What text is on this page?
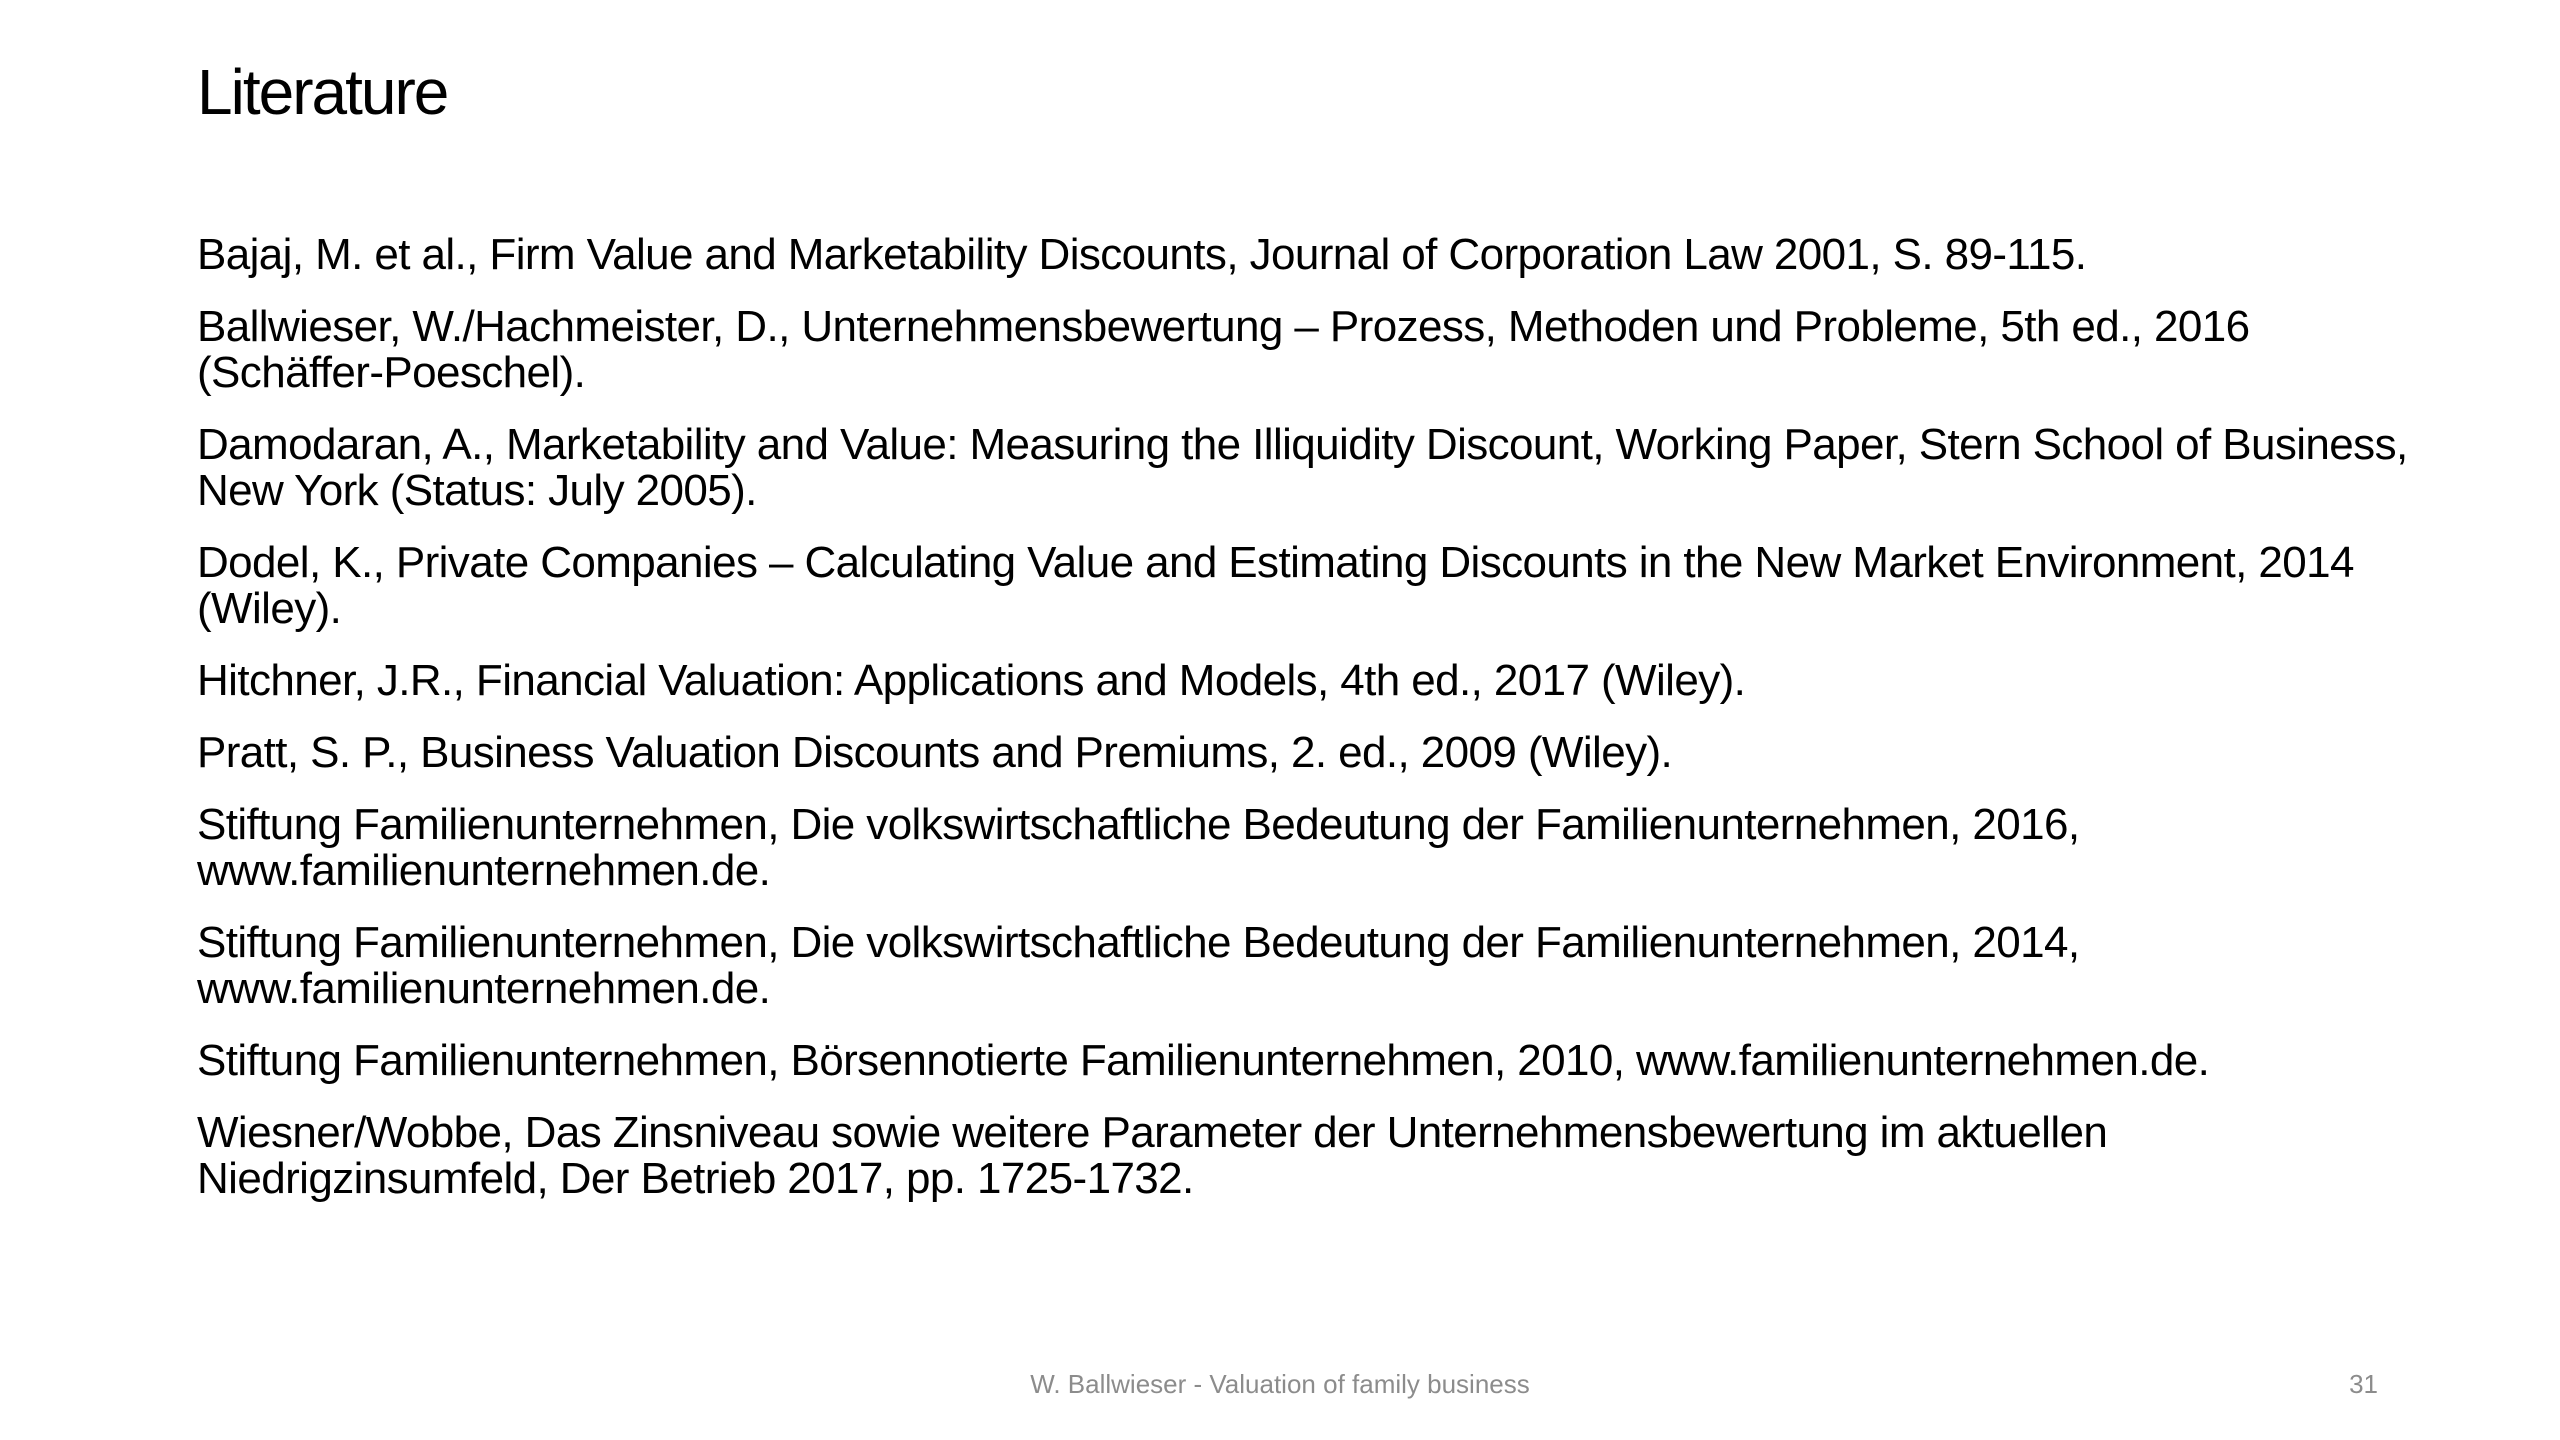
Literature
Bajaj, M. et al., Firm Value and Marketability Discounts, Journal of Corporation Law 2001, S. 89-115.
Ballwieser, W./Hachmeister, D., Unternehmensbewertung – Prozess, Methoden und Probleme, 5th ed., 2016 (Schäffer-Poeschel).
Damodaran, A., Marketability and Value: Measuring the Illiquidity Discount, Working Paper, Stern School of Business, New York (Status: July 2005).
Dodel, K., Private Companies – Calculating Value and Estimating Discounts in the New Market Environment, 2014 (Wiley).
Hitchner, J.R., Financial Valuation: Applications and Models, 4th ed., 2017 (Wiley).
Pratt, S. P., Business Valuation Discounts and Premiums, 2. ed., 2009 (Wiley).
Stiftung Familienunternehmen, Die volkswirtschaftliche Bedeutung der Familienunternehmen, 2016, www.familienunternehmen.de.
Stiftung Familienunternehmen, Die volkswirtschaftliche Bedeutung der Familienunternehmen, 2014, www.familienunternehmen.de.
Stiftung Familienunternehmen, Börsennotierte Familienunternehmen, 2010, www.familienunternehmen.de.
Wiesner/Wobbe, Das Zinsniveau sowie weitere Parameter der Unternehmensbewertung im aktuellen Niedrigzinsumfeld, Der Betrieb 2017, pp. 1725-1732.
W. Ballwieser - Valuation of family business	31
